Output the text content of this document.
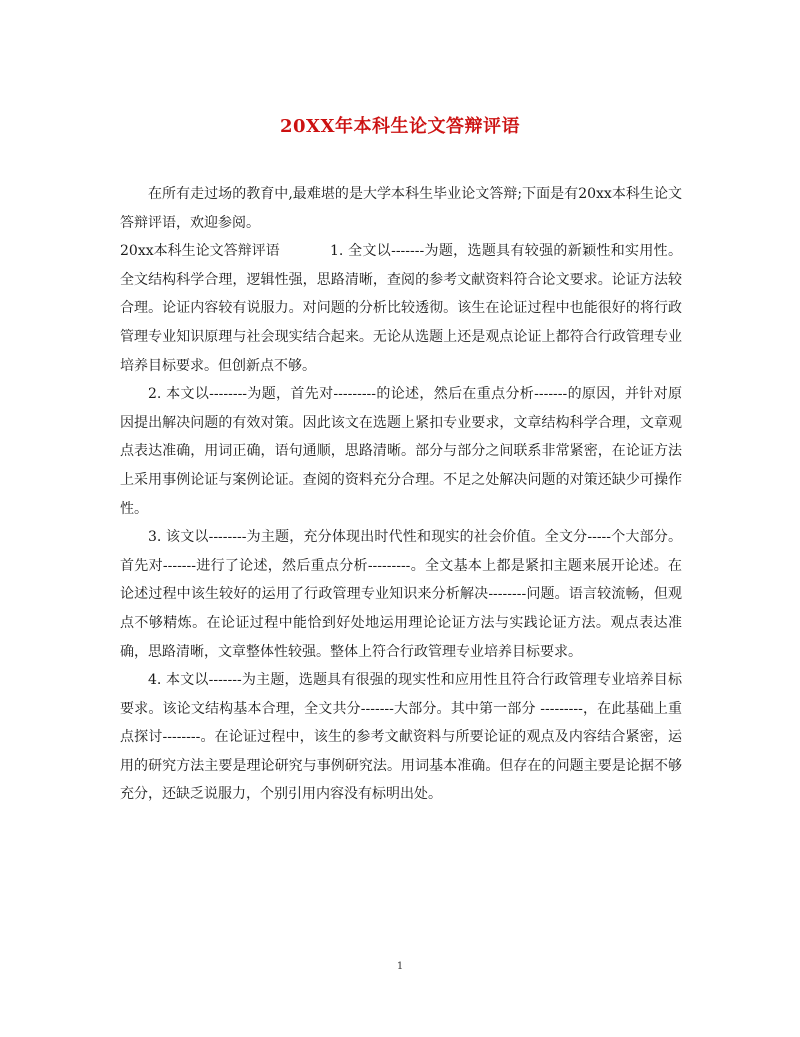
20XX年本科生论文答辩评语

在所有走过场的教育中,最难堪的是大学本科生毕业论文答辩;下面是有20xx本科生论文答辩评语，欢迎参阅。

20xx本科生论文答辩评语	1. 全文以-------为题，选题具有较强的新颖性和实用性。全文结构科学合理，逻辑性强，思路清晰，查阅的参考文献资料符合论文要求。论证方法较合理。论证内容较有说服力。对问题的分析比较透彻。该生在论证过程中也能很好的将行政管理专业知识原理与社会现实结合起来。无论从选题上还是观点论证上都符合行政管理专业培养目标要求。但创新点不够。

2. 本文以--------为题，首先对---------的论述，然后在重点分析-------的原因，并针对原因提出解决问题的有效对策。因此该文在选题上紧扣专业要求，文章结构科学合理，文章观点表达准确，用词正确，语句通顺，思路清晰。部分与部分之间联系非常紧密，在论证方法上采用事例论证与案例论证。查阅的资料充分合理。不足之处解决问题的对策还缺少可操作性。

3. 该文以--------为主题，充分体现出时代性和现实的社会价值。全文分-----个大部分。首先对-------进行了论述，然后重点分析---------。全文基本上都是紧扣主题来展开论述。在论述过程中该生较好的运用了行政管理专业知识来分析解决--------问题。语言较流畅，但观点不够精炼。在论证过程中能恰到好处地运用理论论证方法与实践论证方法。观点表达准确，思路清晰，文章整体性较强。整体上符合行政管理专业培养目标要求。

4. 本文以-------为主题，选题具有很强的现实性和应用性且符合行政管理专业培养目标要求。该论文结构基本合理，全文共分-------大部分。其中第一部分 ---------，在此基础上重点探讨--------。在论证过程中，该生的参考文献资料与所要论证的观点及内容结合紧密，运用的研究方法主要是理论研究与事例研究法。用词基本准确。但存在的问题主要是论据不够充分，还缺乏说服力，个别引用内容没有标明出处。

1
